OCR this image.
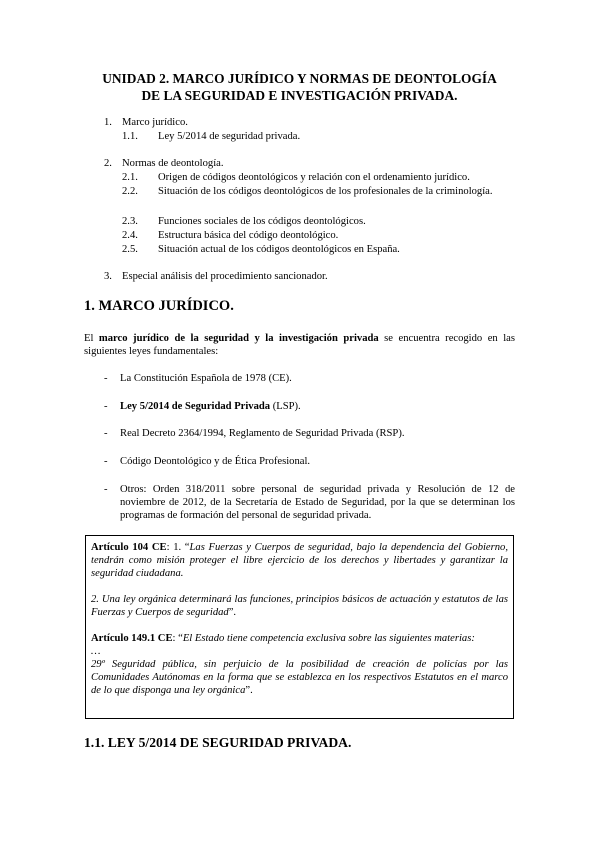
UNIDAD 2. MARCO JURÍDICO Y NORMAS DE DEONTOLOGÍA
DE LA SEGURIDAD E INVESTIGACIÓN PRIVADA.
1. Marco jurídico.
1.1. Ley 5/2014 de seguridad privada.
2. Normas de deontología.
2.1. Origen de códigos deontológicos y relación con el ordenamiento jurídico.
2.2. Situación de los códigos deontológicos de los profesionales de la criminología.
2.3. Funciones sociales de los códigos deontológicos.
2.4. Estructura básica del código deontológico.
2.5. Situación actual de los códigos deontológicos en España.
3. Especial análisis del procedimiento sancionador.
1. MARCO JURÍDICO.

El marco jurídico de la seguridad y la investigación privada se encuentra recogido en las siguientes leyes fundamentales:

-	La Constitución Española de 1978 (CE).
-	Ley 5/2014 de Seguridad Privada (LSP).
-	Real Decreto 2364/1994, Reglamento de Seguridad Privada (RSP).
-	Código Deontológico y de Ética Profesional.
-	Otros: Orden 318/2011 sobre personal de seguridad privada y Resolución de 12 de noviembre de 2012, de la Secretaría de Estado de Seguridad, por la que se determinan los programas de formación del personal de seguridad privada.

Artículo 104 CE: 1. “Las Fuerzas y Cuerpos de seguridad, bajo la dependencia del Gobierno, tendrán como misión proteger el libre ejercicio de los derechos y libertades y garantizar la seguridad ciudadana.

2. Una ley orgánica determinará las funciones, principios básicos de actuación y estatutos de las Fuerzas y Cuerpos de seguridad”.

Artículo 149.1 CE: “El Estado tiene competencia exclusiva sobre las siguientes materias:

…

29º Seguridad pública, sin perjuicio de la posibilidad de creación de policías por las Comunidades Autónomas en la forma que se establezca en los respectivos Estatutos en el marco de lo que disponga una ley orgánica”.

1.1. LEY 5/2014 DE SEGURIDAD PRIVADA.
